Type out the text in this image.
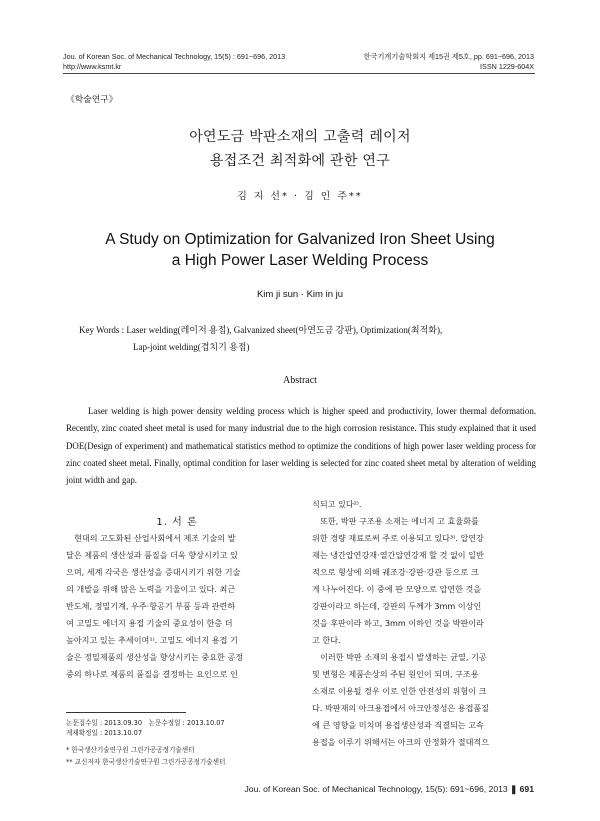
Jou. of Korean Soc. of Mechanical Technology, 15(5) : 691~696, 2013
http://www.ksmt.kr
한국기계기술학회지 제15권 제5호, pp. 691~696, 2013
ISSN 1229-604X
《학술연구》
아연도금 박판소재의 고출력 레이저
용접조건 최적화에 관한 연구
김 지 선* · 김 인 주**
A Study on Optimization for Galvanized Iron Sheet Using
a High Power Laser Welding Process
Kim ji sun · Kim in ju
Key Words : Laser welding(레이저 용접), Galvanized sheet(아연도금 강판), Optimization(최적화),
Lap-joint welding(겹치기 용접)
Abstract
Laser welding is high power density welding process which is higher speed and productivity, lower thermal deformation. Recently, zinc coated sheet metal is used for many industrial due to the high corrosion resistance. This study explained that it used DOE(Design of experiment) and mathematical statistics method to optimize the conditions of high power laser welding process for zinc coated sheet metal. Finally, optimal condition for laser welding is selected for zinc coated sheet metal by alteration of welding joint width and gap.
1. 서 론
　현대의 고도화된 산업사회에서 제조 기술의 발
달은 제품의 생산성과 품질을 더욱 향상시키고 있
으며, 세계 각국은 생산성을 증대시키기 위한 기술
의 개발을 위해 많은 노력을 기울이고 있다. 최근
반도체, 정밀기계, 우주·항공기 부품 등과 관련하
여 고밀도 에너지 용접 기술의 중요성이 한층 더
높아지고 있는 추세이며¹⁾. 고밀도 에너지 용접 기
술은 정밀제품의 생산성을 향상시키는 중요한 공정
중의 하나로 제품의 품질을 결정하는 요인으로 인
식되고 있다²⁾.
　또한, 박판 구조용 소재는 에너지 고 효율화를
위한 경량 재료로써 주로 이용되고 있다³⁾. 압연강
재는 냉간압연강재·열간압연강재 할 것 없이 일반
적으로 형상에 의해 궤조강·강판·강관 등으로 크
게 나누어진다. 이 중에 판 모양으로 압연한 것을
강판이라고 하는데, 강판의 두께가 3mm 이상인
것을 후판이라 하고, 3mm 이하인 것을 박판이라
고 한다.
　이러한 박판 소재의 용접시 발생하는 균열, 기공
및 변형은 제품손상의 주된 원인이 되며, 구조용
소재로 이용될 경우 이로 인한 안전성의 위험이 크
다. 박판재의 아크용접에서 아크안정성은 용접품질
에 큰 영향을 미치며 용접생산성과 직결되는 고속
용접을 이루기 위해서는 아크의 안정화가 절대적으
논문접수일 : 2013.09.30　논문수정일 : 2013.10.07
게재확정일 : 2013.10.07
* 한국생산기술연구원 그린가공공정기술센터
** 교신저자 한국생산기술연구원 그린가공공정기술센터
Jou. of Korean Soc. of Mechanical Technology, 15(5): 691~696, 2013 ❚ 691
